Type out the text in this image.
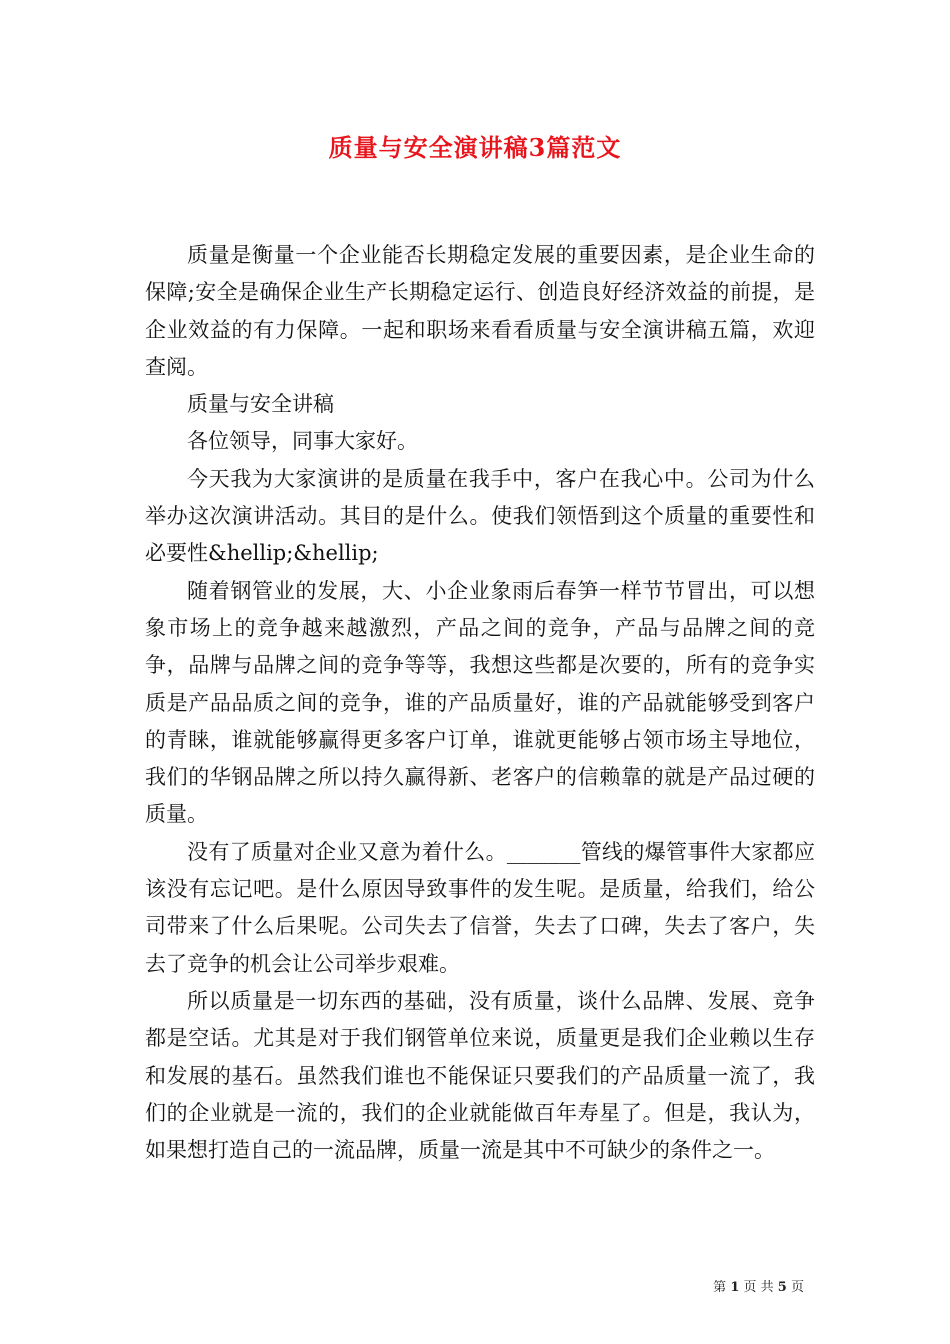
质量与安全演讲稿3篇范文

质量是衡量一个企业能否长期稳定发展的重要因素，是企业生命的保障;安全是确保企业生产长期稳定运行、创造良好经济效益的前提，是企业效益的有力保障。一起和职场来看看质量与安全演讲稿五篇，欢迎查阅。

质量与安全讲稿

各位领导，同事大家好。

今天我为大家演讲的是质量在我手中，客户在我心中。公司为什么举办这次演讲活动。其目的是什么。使我们领悟到这个质量的重要性和必要性&hellip;&hellip;

随着钢管业的发展，大、小企业象雨后春笋一样节节冒出，可以想象市场上的竞争越来越激烈，产品之间的竞争，产品与品牌之间的竞争，品牌与品牌之间的竞争等等，我想这些都是次要的，所有的竞争实质是产品品质之间的竞争，谁的产品质量好，谁的产品就能够受到客户的青睐，谁就能够赢得更多客户订单，谁就更能够占领市场主导地位，我们的华钢品牌之所以持久赢得新、老客户的信赖靠的就是产品过硬的质量。

没有了质量对企业又意为着什么。_______管线的爆管事件大家都应该没有忘记吧。是什么原因导致事件的发生呢。是质量，给我们，给公司带来了什么后果呢。公司失去了信誉，失去了口碑，失去了客户，失去了竞争的机会让公司举步艰难。

所以质量是一切东西的基础，没有质量，谈什么品牌、发展、竞争都是空话。尤其是对于我们钢管单位来说，质量更是我们企业赖以生存和发展的基石。虽然我们谁也不能保证只要我们的产品质量一流了，我们的企业就是一流的，我们的企业就能做百年寿星了。但是，我认为，如果想打造自己的一流品牌，质量一流是其中不可缺少的条件之一。

第 1 页 共 5 页
